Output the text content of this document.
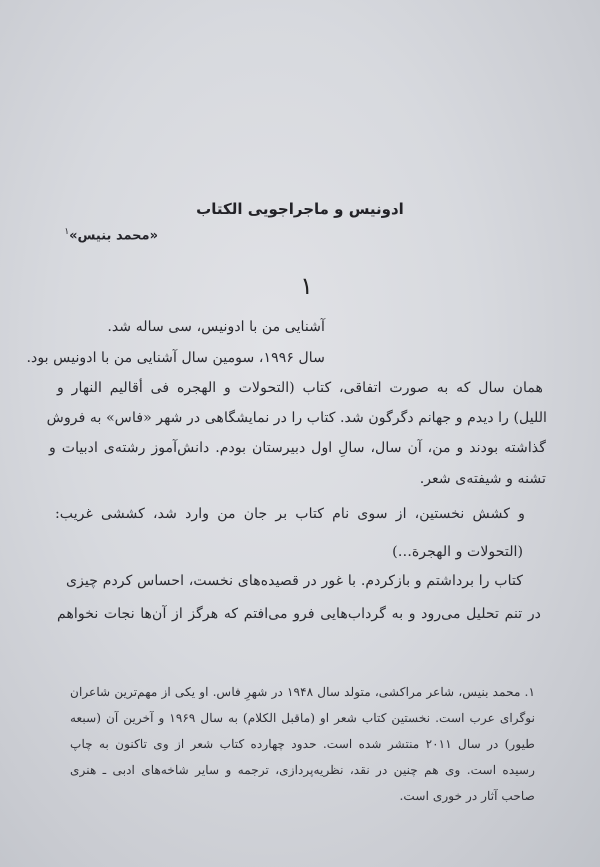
ادونیس و ماجراجویی الکتاب
«محمد بنیس»$^۱$
۱
آشنایی من با ادونیس، سی ساله شد.
سال ۱۹۹۶، سومین سال آشنایی من با ادونیس بود.
همان سال که به صورت اتفاقی، کتاب (التحولات و الهجره فی أقالیم النهار و
اللیل) را دیدم و جهانم دگرگون شد. کتاب را در نمایشگاهی در شهر «فاس» به فروش
گذاشته بودند و من، آن سال، سالِ اول دبیرستان بودم. دانش‌آموز رشته‌ی ادبیات و
تشنه و شیفته‌ی شعر.
و کشش نخستین، از سوی نام کتاب بر جان من وارد شد، کششی غریب:
(التحولات و الهجرة…)
کتاب را برداشتم و بازکردم. با غور در قصیده‌های نخست، احساس کردم چیزی
در تنم تحلیل می‌رود و به گرداب‌هایی فرو می‌افتم که هرگز از آن‌ها نجات نخواهم
۱. محمد بنیس، شاعر مراکشی، متولد سال ۱۹۴۸ در شهرِ فاس. او یکی از مهم‌ترین شاعران
نوگرای عرب است. نخستین کتاب شعر او (ماقبل الکلام) به سال ۱۹۶۹ و آخرین آن (سبعه
طیور) در سال ۲۰۱۱ منتشر شده است. حدود چهارده کتاب شعر از وی تاکنون به چاپ
رسیده است. وی هم چنین در نقد، نظریه‌پردازی، ترجمه و سایر شاخه‌های ادبی ـ هنری
صاحب آثار در خوری است.
